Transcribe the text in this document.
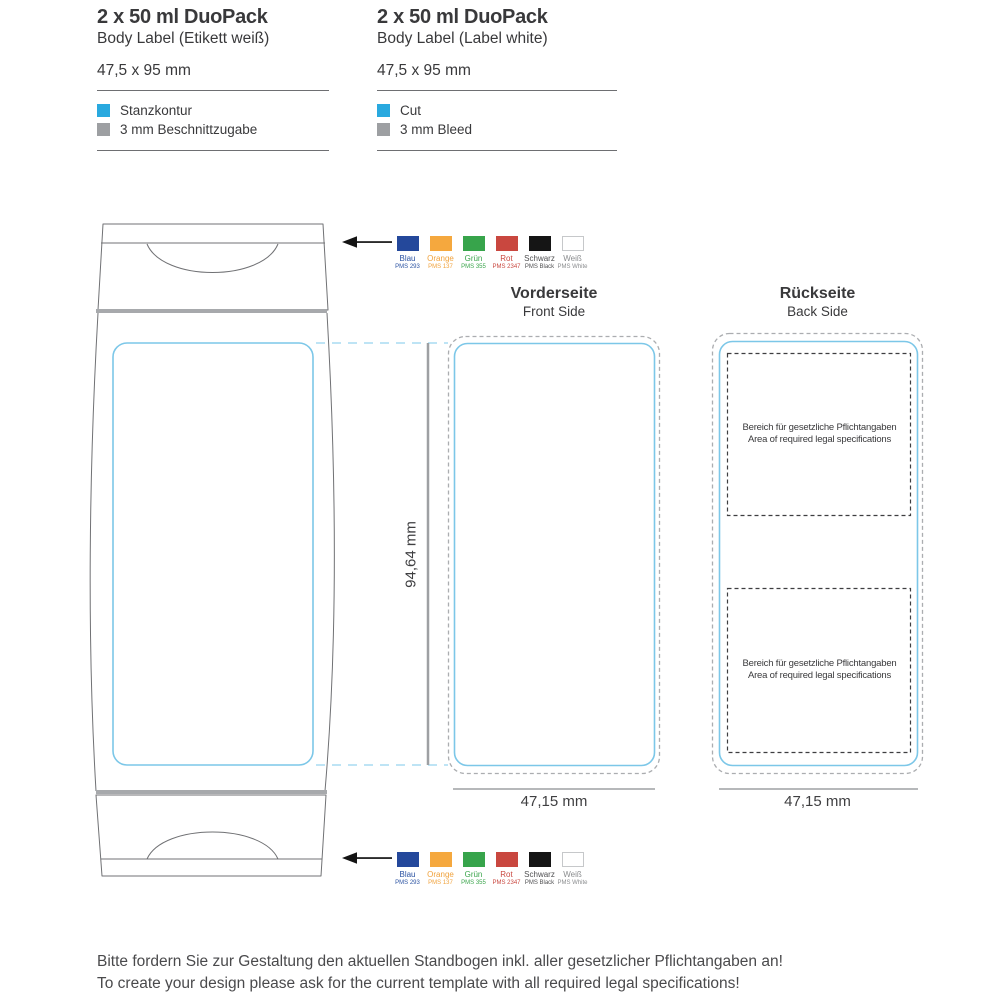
2 x 50 ml DuoPack
Body Label (Etikett weiß)
47,5 x 95 mm
Stanzkontur
3 mm Beschnittzugabe
2 x 50 ml DuoPack
Body Label (Label white)
47,5 x 95 mm
Cut
3 mm Bleed
Blau
PMS 293
Orange
PMS 137
Grün
PMS 355
Rot
PMS 2347
Schwarz
PMS Black
Weiß
PMS White
Blau
PMS 293
Orange
PMS 137
Grün
PMS 355
Rot
PMS 2347
Schwarz
PMS Black
Weiß
PMS White
Vorderseite
Front Side
Rückseite
Back Side
Bereich für gesetzliche Pflichtangaben
Area of required legal specifications
Bereich für gesetzliche Pflichtangaben
Area of required legal specifications
94,64 mm
47,15 mm	47,15 mm
Bitte fordern Sie zur Gestaltung den aktuellen Standbogen inkl. aller gesetzlicher Pflichtangaben an!
To create your design please ask for the current template with all required legal specifications!
